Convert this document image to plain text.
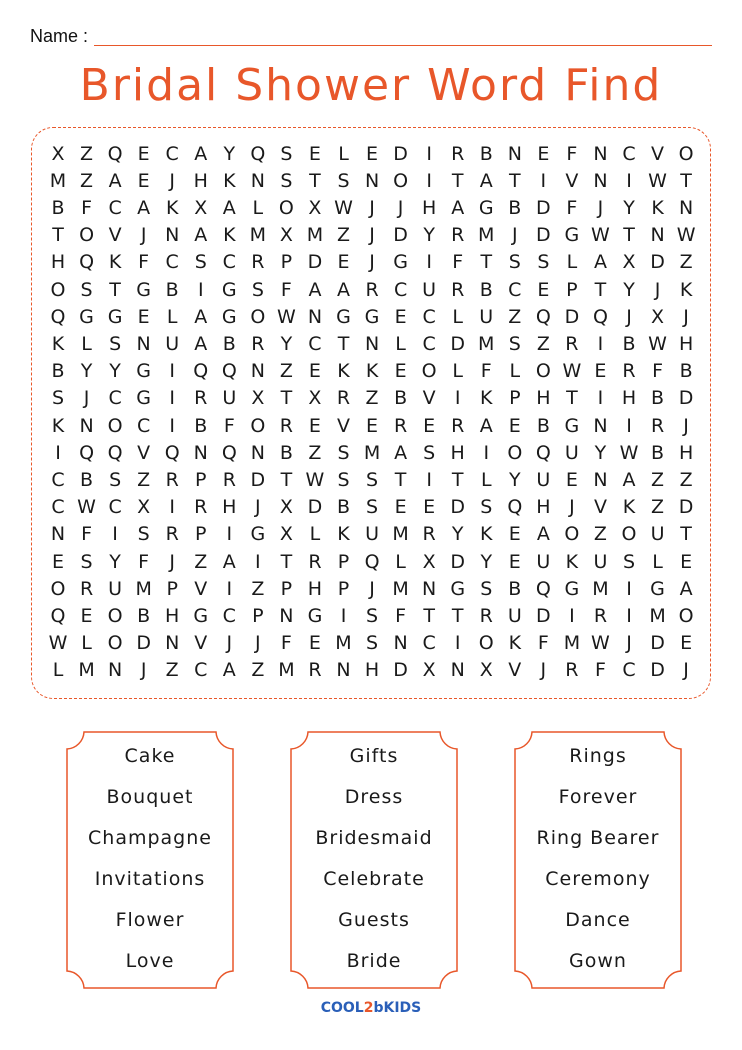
Name :
Bridal Shower Word Find
X Z Q E C A Y Q S E L E D I	R B N E F N C V O
M Z A E	J H K N S T S N O I	T A T	I	V N I W T
B F C A K X A L O X W J	J H A G B D F	J	Y K N
T O V	J N A K M X M Z	J D Y R M J D G W T N W
H Q K F C S C R P D E	J G I	F T S S L A X D Z
O S T G B	I G S F A A R C U R B C E P T Y	J	K
Q G G E L A G O W N G G E C L U Z Q D Q J	X	J
K L S N U A B R Y C T N L C D M S Z R	I	B W H
B Y Y G I Q Q N Z E K K E O L F L O W E R F B
S	J	C G I	R U X T X R Z B V	I	K P H T	I H B D
K N O C	I	B F O R E V E R E R A E B G N I	R	J
I Q Q V Q N Q N B Z S M A S H I O Q U Y W B H
C B S Z R P R D T W S S T	I	T L Y U E N A Z Z
C W C X	I	R H J	X D B S E E D S Q H J	V K Z D
N F	I	S R P	I G X L K U M R Y K E A O Z O U T
E S Y F	J	Z A	I	T R P Q L X D Y E U K U S L E
O R U M P V	I	Z P H P	J M N G S B Q G M I G A
Q E O B H G C P N G I	S F T T R U D I	R	I M O
W L O D N V	J	J	F E M S N C	I O K F M W J D E
L M N J	Z C A Z M R N H D X N X V	J	R F C D J
Cake
Bouquet
Champagne
Invitations
Flower
Love
Gifts
Dress
Bridesmaid
Celebrate
Guests
Bride
Rings
Forever
Ring Bearer
Ceremony
Dance
Gown
COOL2bKIDS
